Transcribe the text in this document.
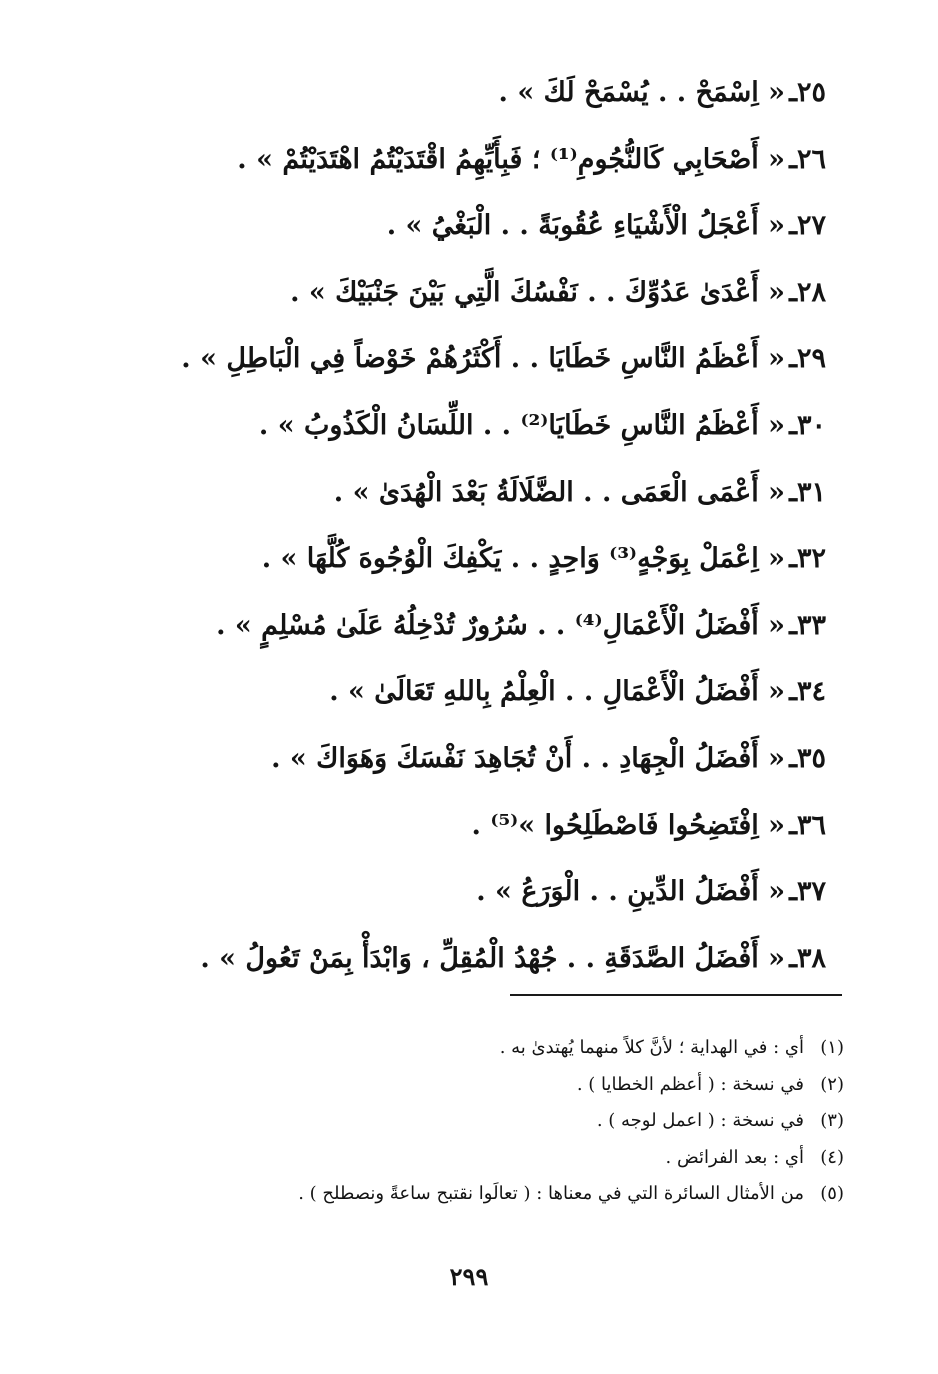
٢٥ـ« اِسْمَحْ . . يُسْمَحْ لَكَ » .
٢٦ـ« أَصْحَابِي كَالنُّجُومِ⁽¹⁾ ؛ فَبِأَيِّهِمُ اقْتَدَيْتُمُ اهْتَدَيْتُمْ » .
٢٧ـ« أَعْجَلُ الْأَشْيَاءِ عُقُوبَةً . . الْبَغْيُ » .
٢٨ـ« أَعْدَىٰ عَدُوِّكَ . . نَفْسُكَ الَّتِي بَيْنَ جَنْبَيْكَ » .
٢٩ـ« أَعْظَمُ النَّاسِ خَطَايَا . . أَكْثَرُهُمْ خَوْضاً فِي الْبَاطِلِ » .
٣٠ـ« أَعْظَمُ النَّاسِ خَطَايَا⁽²⁾ . . اللِّسَانُ الْكَذُوبُ » .
٣١ـ« أَعْمَى الْعَمَى . . الضَّلَالَةُ بَعْدَ الْهُدَىٰ » .
٣٢ـ« اِعْمَلْ بِوَجْهٍ⁽³⁾ وَاحِدٍ . . يَكْفِكَ الْوُجُوهَ كُلَّهَا » .
٣٣ـ« أَفْضَلُ الْأَعْمَالِ⁽⁴⁾ . . سُرُورٌ تُدْخِلُهُ عَلَىٰ مُسْلِمٍ » .
٣٤ـ« أَفْضَلُ الْأَعْمَالِ . . الْعِلْمُ بِاللهِ تَعَالَىٰ » .
٣٥ـ« أَفْضَلُ الْجِهَادِ . . أَنْ تُجَاهِدَ نَفْسَكَ وَهَوَاكَ » .
٣٦ـ« اِفْتَضِحُوا فَاصْطَلِحُوا »⁽⁵⁾ .
٣٧ـ« أَفْضَلُ الدِّينِ . . الْوَرَعُ » .
٣٨ـ« أَفْضَلُ الصَّدَقَةِ . . جُهْدُ الْمُقِلِّ ، وَابْدَأْ بِمَنْ تَعُولُ » .
(١)أي : في الهداية ؛ لأنَّ كلاً منهما يُهتدىٰ به .
(٢)في نسخة : ( أعظم الخطايا ) .
(٣)في نسخة : ( اعمل لوجه ) .
(٤)أي : بعد الفرائض .
(٥)من الأمثال السائرة التي في معناها : ( تعالَوا نقتبح ساعةً ونصطلح ) .
٢٩٩
